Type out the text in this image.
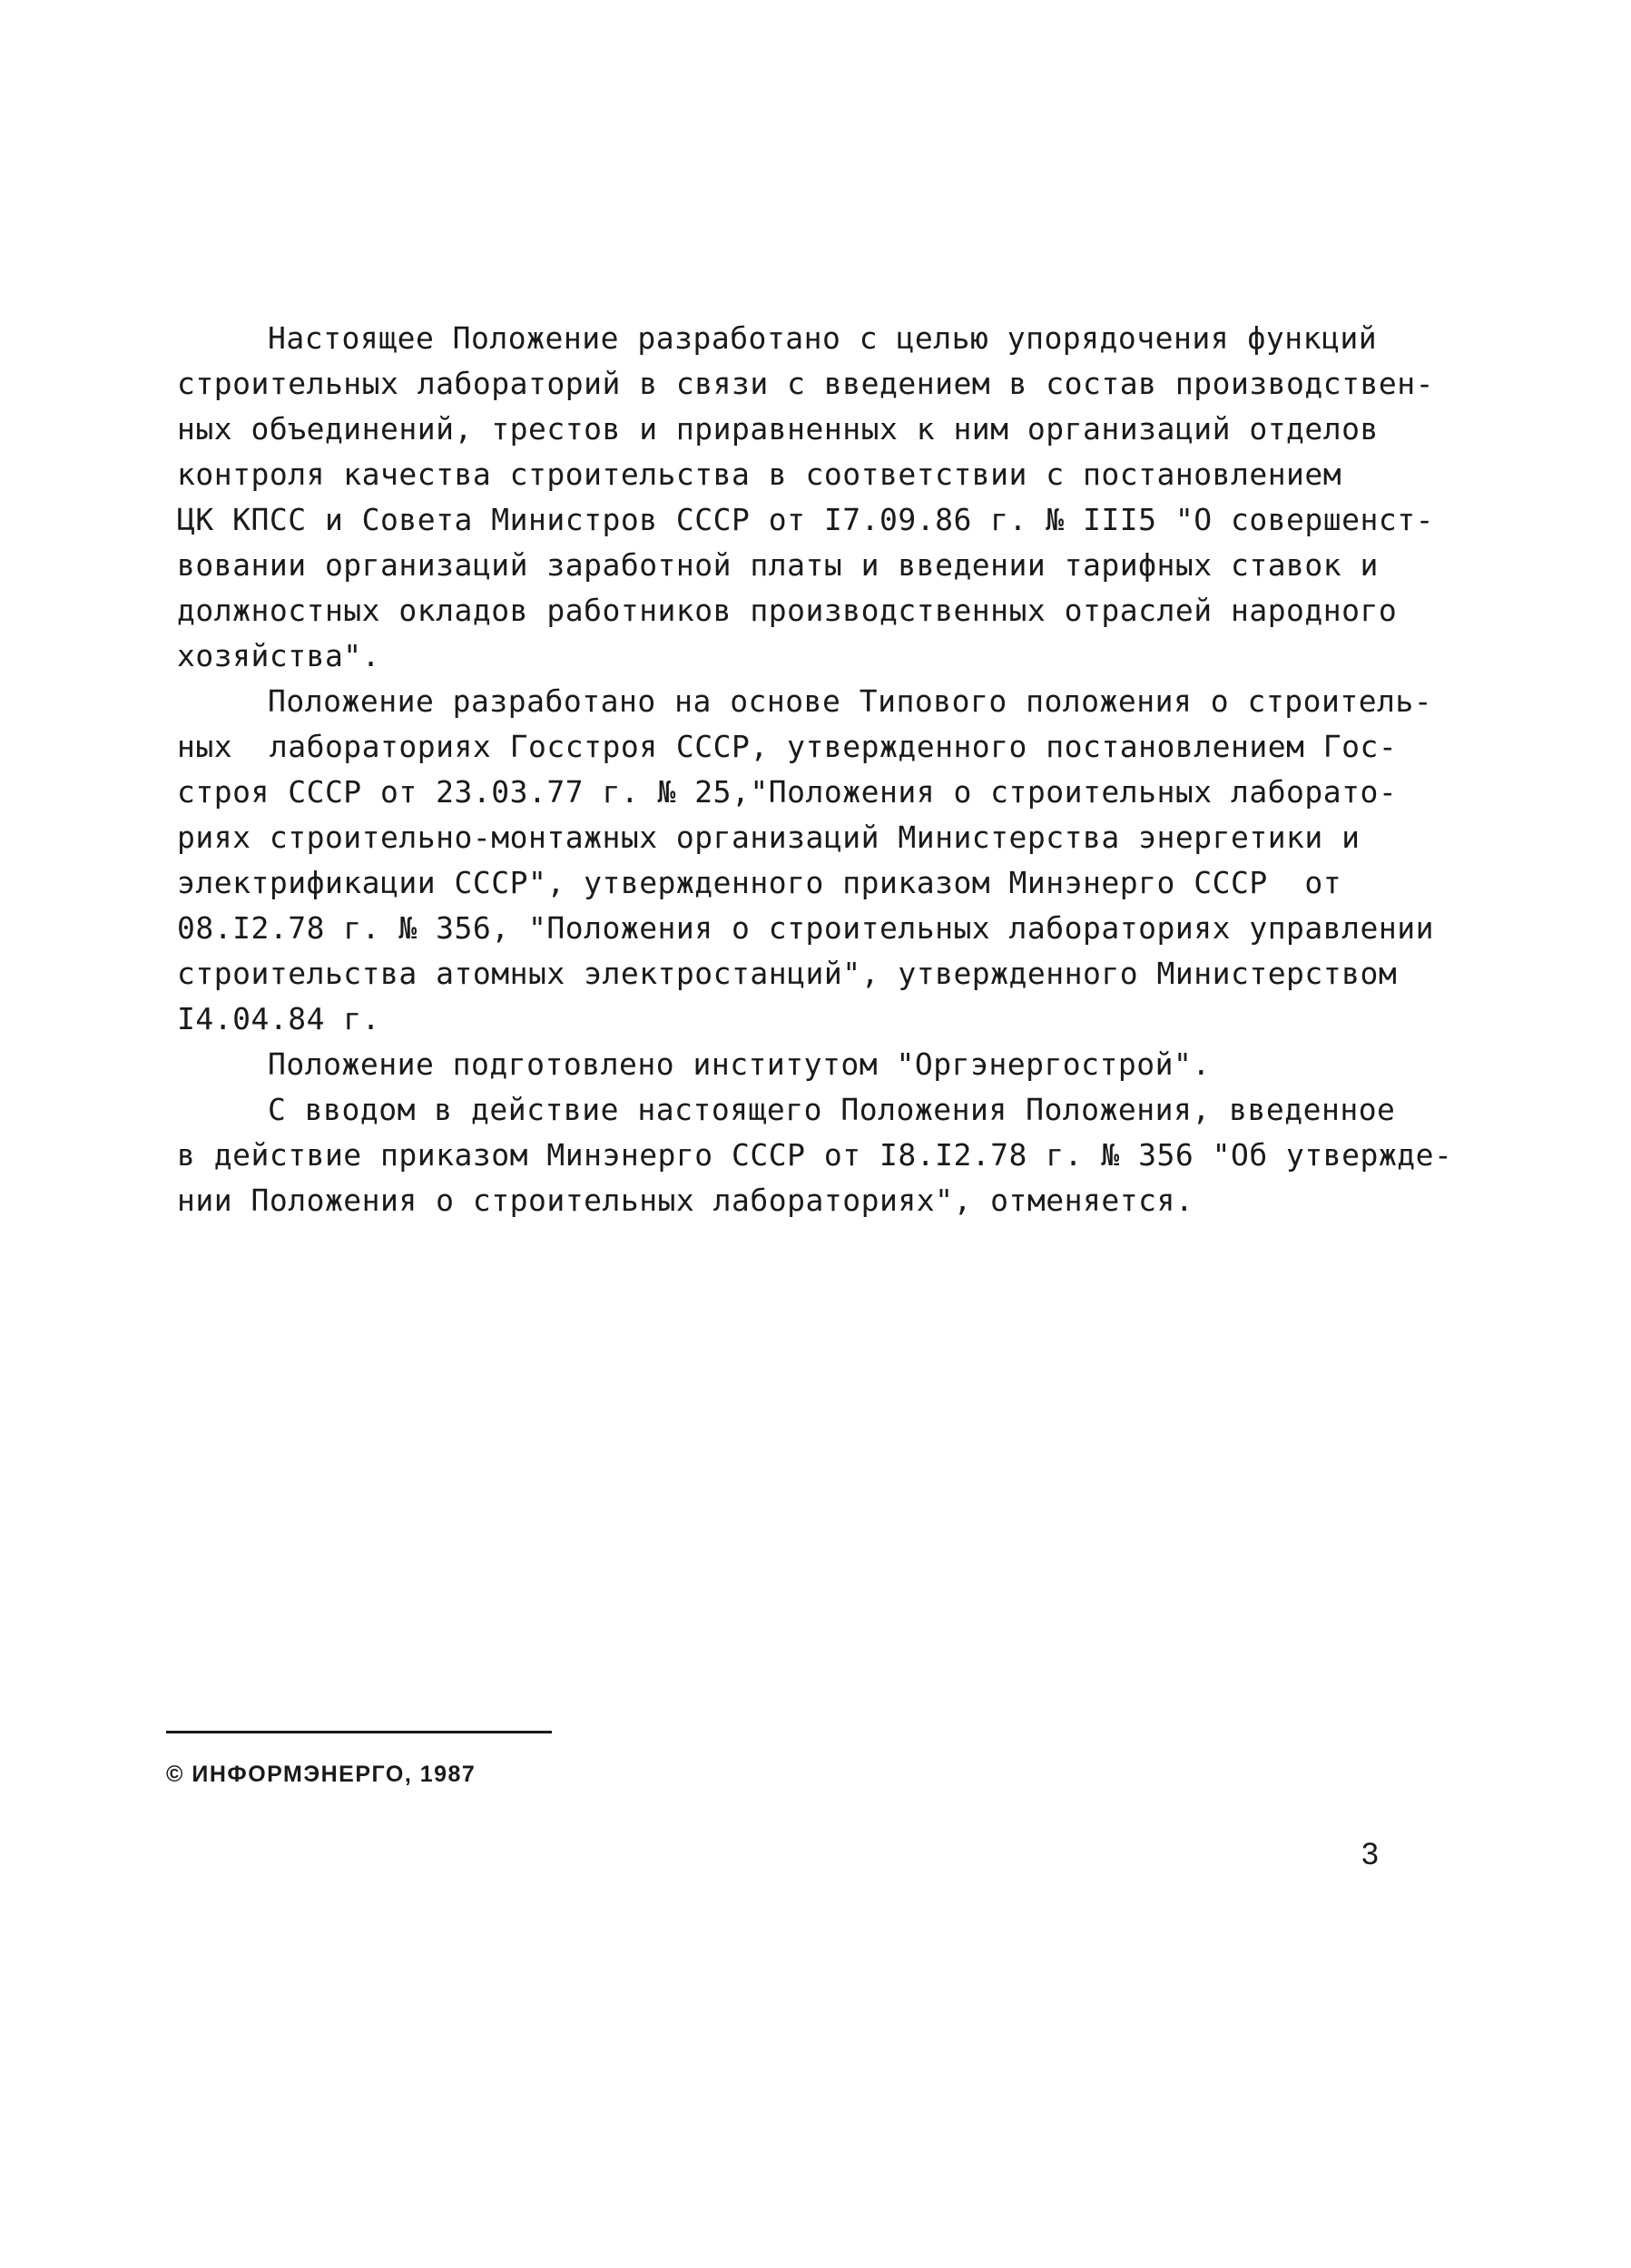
Настоящее Положение разработано с целью упорядочения функций
строительных лабораторий в связи с введением в состав производствен-
ных объединений, трестов и приравненных к ним организаций отделов
контроля качества строительства в соответствии с постановлением
ЦК КПСС и Совета Министров СССР от I7.09.86 г. № III5 "О совершенст-
вовании организаций заработной платы и введении тарифных ставок и
должностных окладов работников производственных отраслей народного
хозяйства".
Положение разработано на основе Типового положения о строитель-
ных  лабораториях Госстроя СССР, утвержденного постановлением Гос-
строя СССР от 23.03.77 г. № 25,"Положения о строительных лаборато-
риях строительно-монтажных организаций Министерства энергетики и
электрификации СССР", утвержденного приказом Минэнерго СССР  от
08.I2.78 г. № 356, "Положения о строительных лабораториях управлении
строительства атомных электростанций", утвержденного Министерством
I4.04.84 г.
Положение подготовлено институтом "Оргэнергострой".
С вводом в действие настоящего Положения Положения, введенное
в действие приказом Минэнерго СССР от I8.I2.78 г. № 356 "Об утвержде-
нии Положения о строительных лабораториях", отменяется.
© ИНФОРМЭНЕРГО, 1987
3
